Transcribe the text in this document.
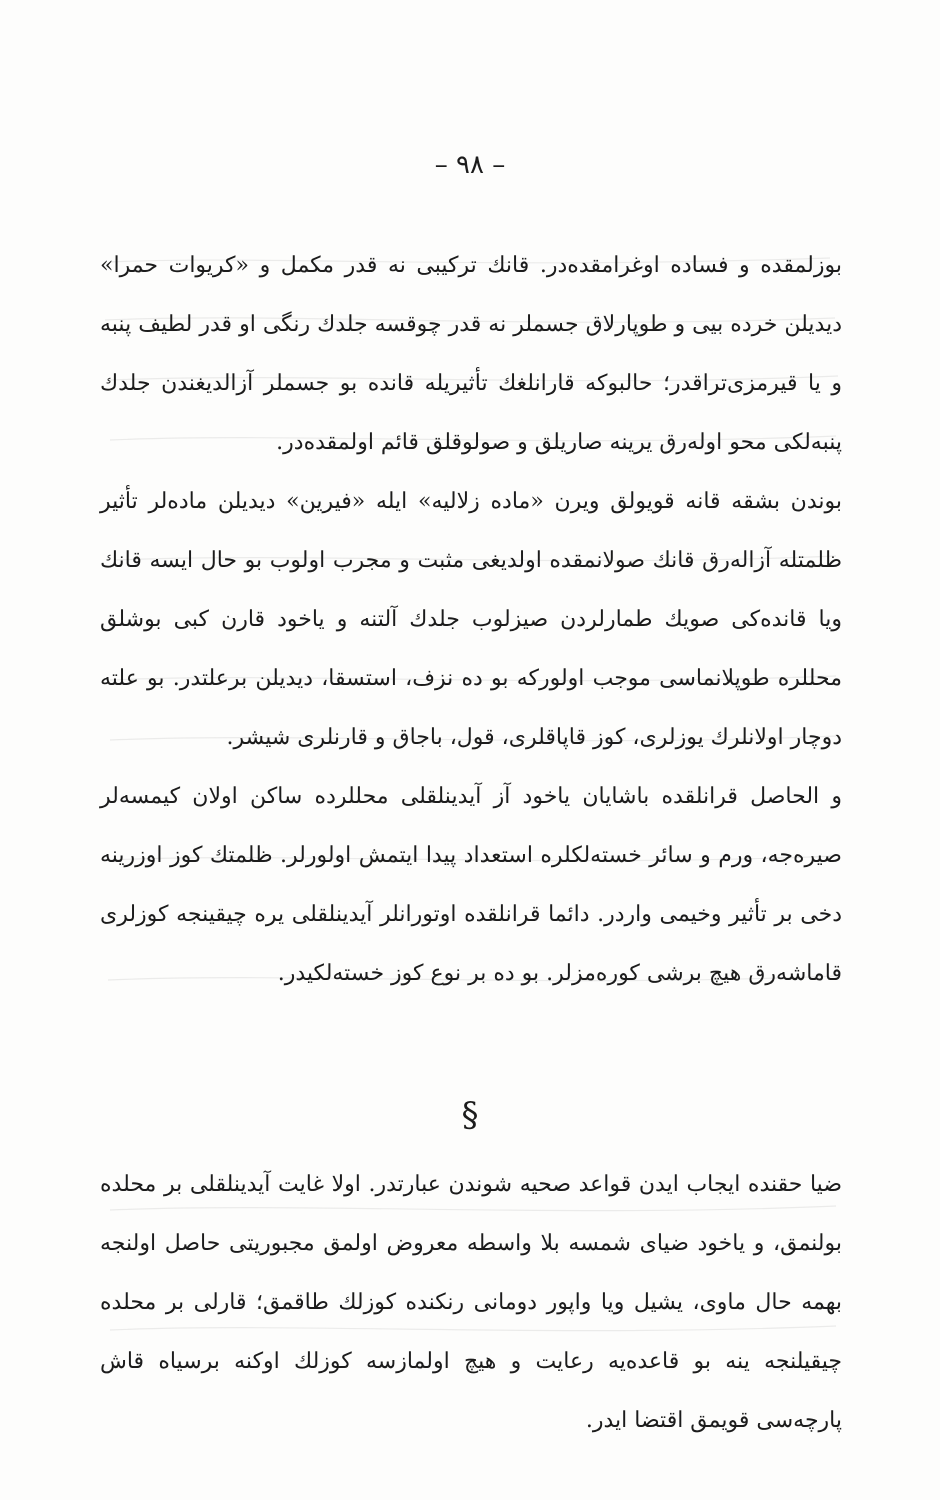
– ٩٨ –

بوزلمقده و فساده اوغرامقده‌در. قانك تركيبی نه قدر مكمل و «كريوات حمرا» ديديلن خرده بيی و طوپارلاق جسملر نه قدر چوقسه جلدك رنگی او قدر لطيف پنبه و يا قيرمزی‌تراقدر؛ حالبوكه قارانلغك تأثيريله قانده بو جسملر آزالديغندن جلدك پنبه‌لكی محو اوله‌رق يرينه صاريلق و صولوقلق قائم اولمقده‌در.

بوندن بشقه قانه قويولق ويرن «ماده زلاليه» ايله «فيرين» ديديلن ماده‌لر تأثير ظلمتله آزاله‌رق قانك صولانمقده اولديغی مثبت و مجرب اولوب بو حال ايسه قانك ويا قانده‌كی صويك طمارلردن صيزلوب جلدك آلتنه و ياخود قارن كبی بوشلق محللره طوپلانماسی موجب اولوركه بو ده نزف، استسقا، ديديلن برعلتدر. بو علته دوچار اولانلرك يوزلری، كوز قاپاقلری، قول، باجاق و قارنلری شيشر.

و الحاصل قرانلقده باشايان ياخود آز آيدينلقلی محللرده ساكن اولان كيمسه‌لر صيره‌جه، ورم و سائر خسته‌لكلره استعداد پيدا ايتمش اولورلر. ظلمتك كوز اوزرينه دخی بر تأثير وخيمی واردر. دائما قرانلقده اوتورانلر آيدينلقلی يره چيقينجه كوزلری قاماشه‌رق هيچ برشی كوره‌مزلر. بو ده بر نوع كوز خسته‌لكيدر.

§

ضيا حقنده ايجاب ايدن قواعد صحيه شوندن عبارتدر. اولا غايت آيدينلقلی بر محلده بولنمق، و ياخود ضيای شمسه بلا واسطه معروض اولمق مجبوريتی حاصل اولنجه بهمه حال ماوی، يشيل ويا واپور دومانی رنكنده كوزلك طاقمق؛ قارلی بر محلده چيقيلنجه ينه بو قاعده‌يه رعايت و هيچ اولمازسه كوزلك اوكنه برسياه قاش پارچه‌سی قويمق اقتضا ايدر.
